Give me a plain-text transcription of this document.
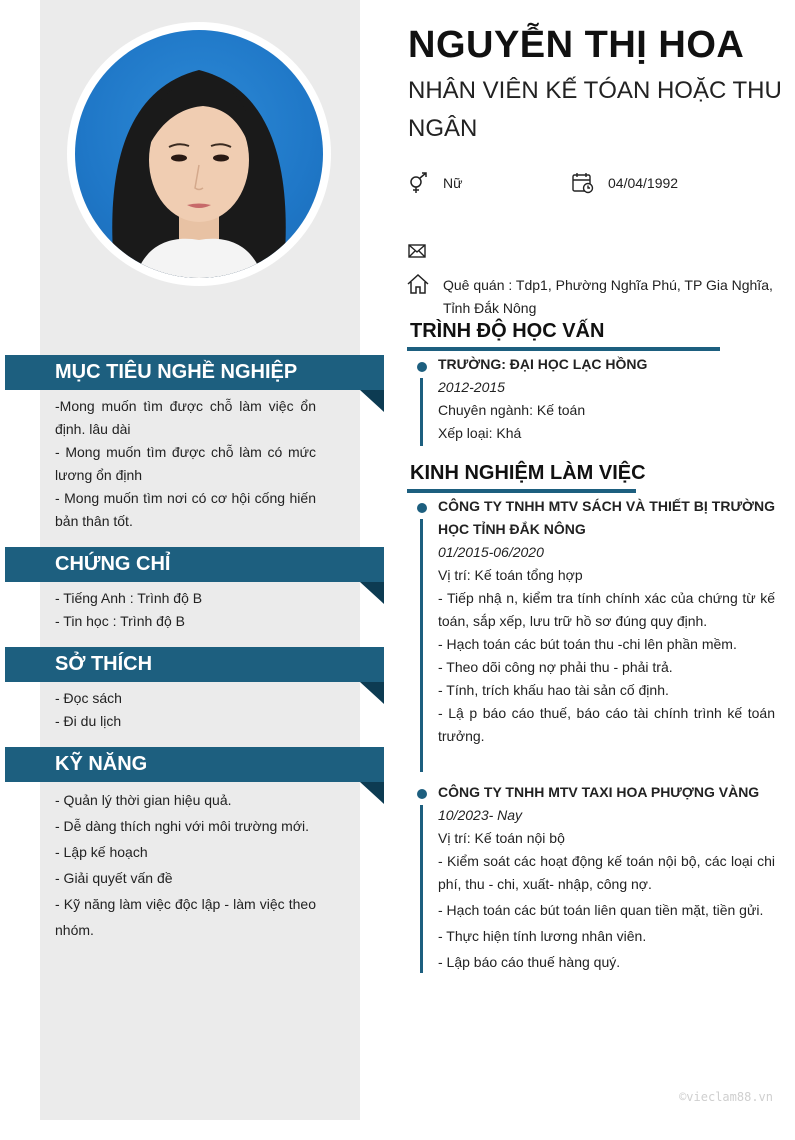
MỤC TIÊU NGHỀ NGHIỆP
-Mong muốn tìm được chỗ làm việc ổn định. lâu dài
- Mong muốn tìm được chỗ làm có mức lương ổn định
- Mong muốn tìm nơi có cơ hội cống hiến bản thân tốt.
CHỨNG CHỈ
- Tiếng Anh : Trình độ B
- Tin học : Trình độ B
SỞ THÍCH
- Đọc sách
- Đi du lịch
KỸ NĂNG
- Quản lý thời gian hiệu quả.
- Dễ dàng thích nghi với môi trường mới.
- Lập kế hoạch
- Giải quyết vấn đề
- Kỹ năng làm việc độc lập - làm việc theo nhóm.
NGUYỄN THỊ HOA
NHÂN VIÊN KẾ TÓAN HOẶC THU NGÂN
Nữ	04/04/1992
Quê quán : Tdp1, Phường Nghĩa Phú, TP Gia Nghĩa,
Tỉnh Đắk Nông
TRÌNH ĐỘ HỌC VẤN
TRƯỜNG: ĐẠI HỌC LẠC HỒNG
2012-2015
Chuyên ngành: Kế toán
Xếp loại: Khá
KINH NGHIỆM LÀM VIỆC
CÔNG TY TNHH MTV SÁCH VÀ THIẾT BỊ TRƯỜNG HỌC TỈNH ĐẮK NÔNG
01/2015-06/2020
Vị trí: Kế toán tổng hợp
- Tiếp nhậ n, kiểm tra tính chính xác của chứng từ kế toán, sắp xếp, lưu trữ hồ sơ đúng quy định.
- Hạch toán các bút toán thu -chi lên phần mềm.
- Theo dõi công nợ phải thu - phải trả.
- Tính, trích khấu hao tài sản cố định.
- Lậ p báo cáo thuế, báo cáo tài chính trình kế toán trưởng.
CÔNG TY TNHH MTV TAXI HOA PHƯỢNG VÀNG
10/2023- Nay
Vị trí: Kế toán nội bộ
- Kiểm soát các hoạt động kế toán nội bộ, các loại chi phí, thu - chi, xuất- nhập, công nợ.
- Hạch toán các bút toán liên quan tiền mặt, tiền gửi.
- Thực hiện tính lương nhân viên.
- Lập báo cáo thuế hàng quý.
©vieclam88.vn
